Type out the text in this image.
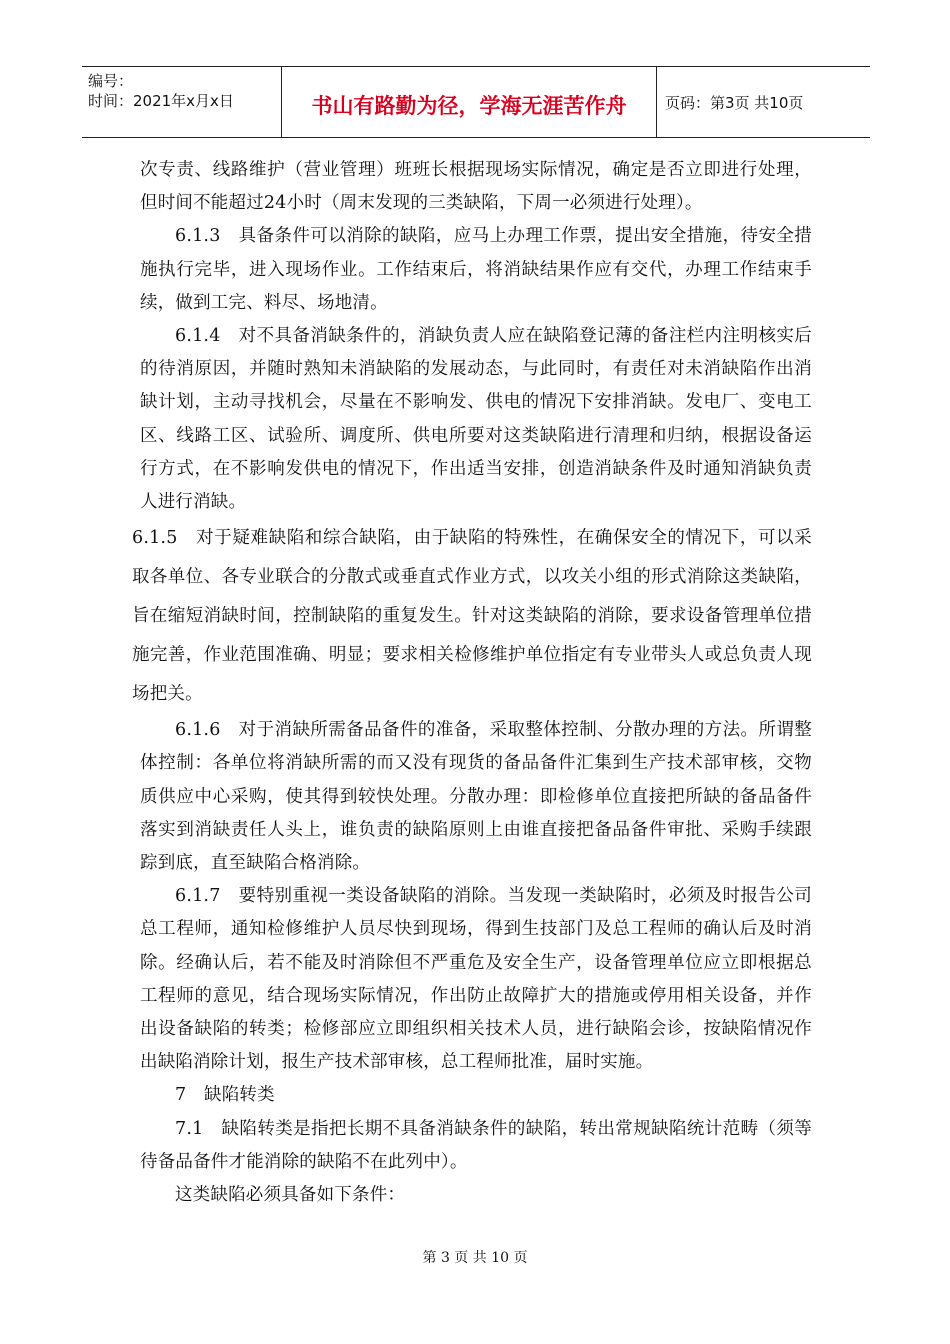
编号：
时间：2021年x月x日	书山有路勤为径，学海无涯苦作舟	页码：第3页 共10页

次专责、线路维护（营业管理）班班长根据现场实际情况，确定是否立即进行处理，但时间不能超过24小时（周末发现的三类缺陷，下周一必须进行处理）。

6.1.3　具备条件可以消除的缺陷，应马上办理工作票，提出安全措施，待安全措施执行完毕，进入现场作业。工作结束后，将消缺结果作应有交代，办理工作结束手续，做到工完、料尽、场地清。

6.1.4　对不具备消缺条件的，消缺负责人应在缺陷登记薄的备注栏内注明核实后的待消原因，并随时熟知未消缺陷的发展动态，与此同时，有责任对未消缺陷作出消缺计划，主动寻找机会，尽量在不影响发、供电的情况下安排消缺。发电厂、变电工区、线路工区、试验所、调度所、供电所要对这类缺陷进行清理和归纳，根据设备运行方式，在不影响发供电的情况下，作出适当安排，创造消缺条件及时通知消缺负责人进行消缺。

6.1.5　对于疑难缺陷和综合缺陷，由于缺陷的特殊性，在确保安全的情况下，可以采取各单位、各专业联合的分散式或垂直式作业方式，以攻关小组的形式消除这类缺陷，旨在缩短消缺时间，控制缺陷的重复发生。针对这类缺陷的消除，要求设备管理单位措施完善，作业范围准确、明显；要求相关检修维护单位指定有专业带头人或总负责人现场把关。

6.1.6　对于消缺所需备品备件的准备，采取整体控制、分散办理的方法。所谓整体控制：各单位将消缺所需的而又没有现货的备品备件汇集到生产技术部审核，交物质供应中心采购，使其得到较快处理。分散办理：即检修单位直接把所缺的备品备件落实到消缺责任人头上，谁负责的缺陷原则上由谁直接把备品备件审批、采购手续跟踪到底，直至缺陷合格消除。

6.1.7　要特别重视一类设备缺陷的消除。当发现一类缺陷时，必须及时报告公司总工程师，通知检修维护人员尽快到现场，得到生技部门及总工程师的确认后及时消除。经确认后，若不能及时消除但不严重危及安全生产，设备管理单位应立即根据总工程师的意见，结合现场实际情况，作出防止故障扩大的措施或停用相关设备，并作出设备缺陷的转类；检修部应立即组织相关技术人员，进行缺陷会诊，按缺陷情况作出缺陷消除计划，报生产技术部审核，总工程师批准，届时实施。

7　缺陷转类

7.1　缺陷转类是指把长期不具备消缺条件的缺陷，转出常规缺陷统计范畴（须等待备品备件才能消除的缺陷不在此列中）。

这类缺陷必须具备如下条件：

第 3 页 共 10 页
